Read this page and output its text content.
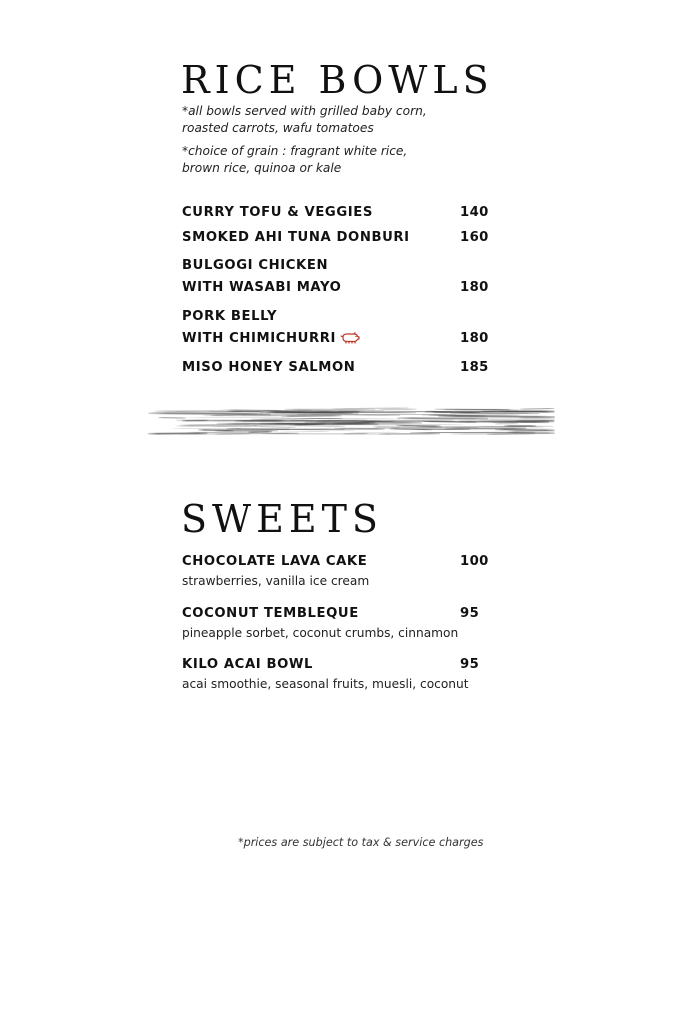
RICE BOWLS
*all bowls served with grilled baby corn,
roasted carrots, wafu tomatoes
*choice of grain : fragrant white rice,
brown rice, quinoa or kale
CURRY TOFU & VEGGIES	140
SMOKED AHI TUNA DONBURI	160
BULGOGI CHICKEN
WITH WASABI MAYO	180
PORK BELLY
WITH CHIMICHURRI	180
MISO HONEY SALMON	185
SWEETS
CHOCOLATE LAVA CAKE	100
strawberries, vanilla ice cream
COCONUT TEMBLEQUE	95
pineapple sorbet, coconut crumbs, cinnamon
KILO ACAI BOWL	95
acai smoothie, seasonal fruits, muesli, coconut
*prices are subject to tax & service charges
